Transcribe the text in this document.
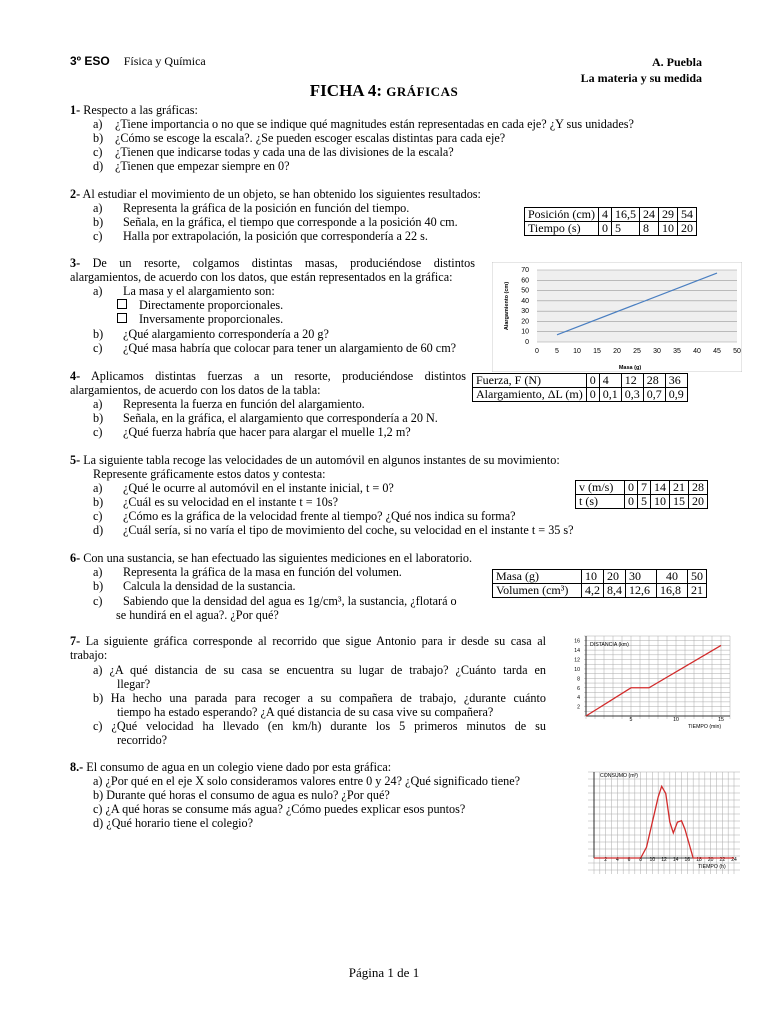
3º ESO Física y Química	A. Puebla
La materia y su medida
FICHA 4: GRÁFICAS
1- Respecto a las gráficas:
a) ¿Tiene importancia o no que se indique qué magnitudes están representadas en cada eje? ¿Y sus unidades?
b) ¿Cómo se escoge la escala?. ¿Se pueden escoger escalas distintas para cada eje?
c) ¿Tienen que indicarse todas y cada una de las divisiones de la escala?
d) ¿Tienen que empezar siempre en 0?
2- Al estudiar el movimiento de un objeto, se han obtenido los siguientes resultados:
a) Representa la gráfica de la posición en función del tiempo.
b) Señala, en la gráfica, el tiempo que corresponde a la posición 40 cm.
c) Halla por extrapolación, la posición que correspondería a 22 s.
Posición (cm)	4	16,5	24	29	54
Tiempo (s)	0	5	8	10	20
3- De un resorte, colgamos distintas masas, produciéndose distintos
alargamientos, de acuerdo con los datos, que están representados en la gráfica:
a) La masa y el alargamiento son:
Directamente proporcionales.
Inversamente proporcionales.
b) ¿Qué alargamiento correspondería a 20 g?
c) ¿Qué masa habría que colocar para tener un alargamiento de 60 cm?	0
10
20
30
40
50
60
70
0 5 10 15 20 25 30 35 40 45 50
Masa (g)
Alargamiento (cm)
4- Aplicamos distintas fuerzas a un resorte, produciéndose distintos
alargamientos, de acuerdo con los datos de la tabla:
a) Representa la fuerza en función del alargamiento.
b) Señala, en la gráfica, el alargamiento que correspondería a 20 N.
c) ¿Qué fuerza habría que hacer para alargar el muelle 1,2 m?
Fuerza, F (N)	0	4	12	28	36
Alargamiento, ΔL (m)	0	0,1	0,3	0,7	0,9
5- La siguiente tabla recoge las velocidades de un automóvil en algunos instantes de su movimiento:
Represente gráficamente estos datos y contesta:
a) ¿Qué le ocurre al automóvil en el instante inicial, t = 0?
b) ¿Cuál es su velocidad en el instante t = 10s?
c) ¿Cómo es la gráfica de la velocidad frente al tiempo? ¿Qué nos indica su forma?
d) ¿Cuál sería, si no varía el tipo de movimiento del coche, su velocidad en el instante t = 35 s?
v (m/s)	0	7	14	21	28
t (s)	0	5	10	15	20
6- Con una sustancia, se han efectuado las siguientes mediciones en el laboratorio.
a) Representa la gráfica de la masa en función del volumen.
b) Calcula la densidad de la sustancia.
c) Sabiendo que la densidad del agua es 1g/cm³, la sustancia, ¿flotará o
se hundirá en el agua?. ¿Por qué?
Masa (g)	10	20	30	40	50
Volumen (cm³)	4,2	8,4	12,6	16,8	21
7- La siguiente gráfica corresponde al recorrido que sigue Antonio para ir desde su casa al
trabajo:
a) ¿A qué distancia de su casa se encuentra su lugar de trabajo? ¿Cuánto tarda en
llegar?
b) Ha hecho una parada para recoger a su compañera de trabajo, ¿durante cuánto
tiempo ha estado esperando? ¿A qué distancia de su casa vive su compañera?
c) ¿Qué velocidad ha llevado (en km/h) durante los 5 primeros minutos de su
recorrido?
2
4
6
8
10
12
14
16
5	10	15
DISTANCIA (km)
TIEMPO (min)
8.- El consumo de agua en un colegio viene dado por esta gráfica:
a) ¿Por qué en el eje X solo consideramos valores entre 0 y 24? ¿Qué significado tiene?
b) Durante qué horas el consumo de agua es nulo? ¿Por qué?
c) ¿A qué horas se consume más agua? ¿Cómo puedes explicar esos puntos?
d) ¿Qué horario tiene el colegio?
2 4 6 8 10 12 14 16 18 20 22 24
CONSUMO (m³)
TIEMPO (h)
Página 1 de 1
